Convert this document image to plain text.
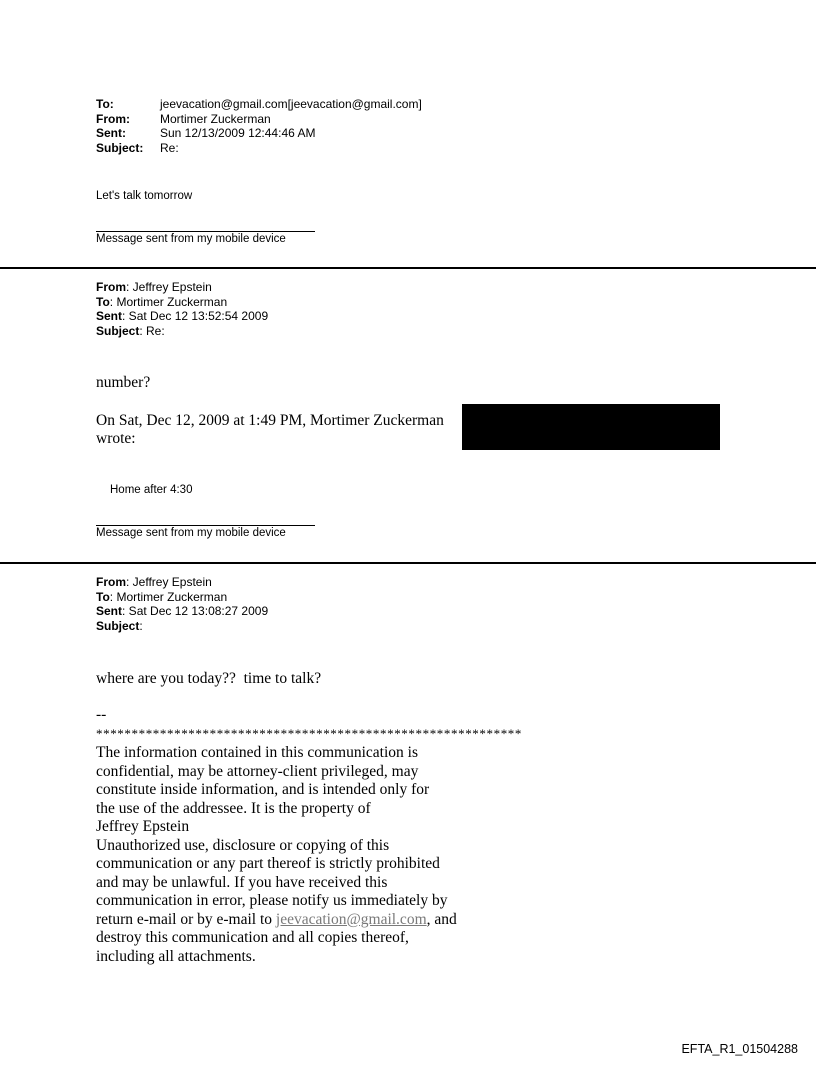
To:	jeevacation@gmail.com[jeevacation@gmail.com]
From:	Mortimer Zuckerman
Sent:	Sun 12/13/2009 12:44:46 AM
Subject:	Re:
Let's talk tomorrow
Message sent from my mobile device
From: Jeffrey Epstein
To: Mortimer Zuckerman
Sent: Sat Dec 12 13:52:54 2009
Subject: Re:
number?
On Sat, Dec 12, 2009 at 1:49 PM, Mortimer Zuckerman
wrote:
Home after 4:30
Message sent from my mobile device
From: Jeffrey Epstein
To: Mortimer Zuckerman
Sent: Sat Dec 12 13:08:27 2009
Subject:
where are you today??  time to talk?
--
************************************************************
The information contained in this communication is
confidential, may be attorney-client privileged, may
constitute inside information, and is intended only for
the use of the addressee. It is the property of
Jeffrey Epstein
Unauthorized use, disclosure or copying of this
communication or any part thereof is strictly prohibited
and may be unlawful. If you have received this
communication in error, please notify us immediately by
return e-mail or by e-mail to jeevacation@gmail.com, and
destroy this communication and all copies thereof,
including all attachments.
EFTA_R1_01504288
